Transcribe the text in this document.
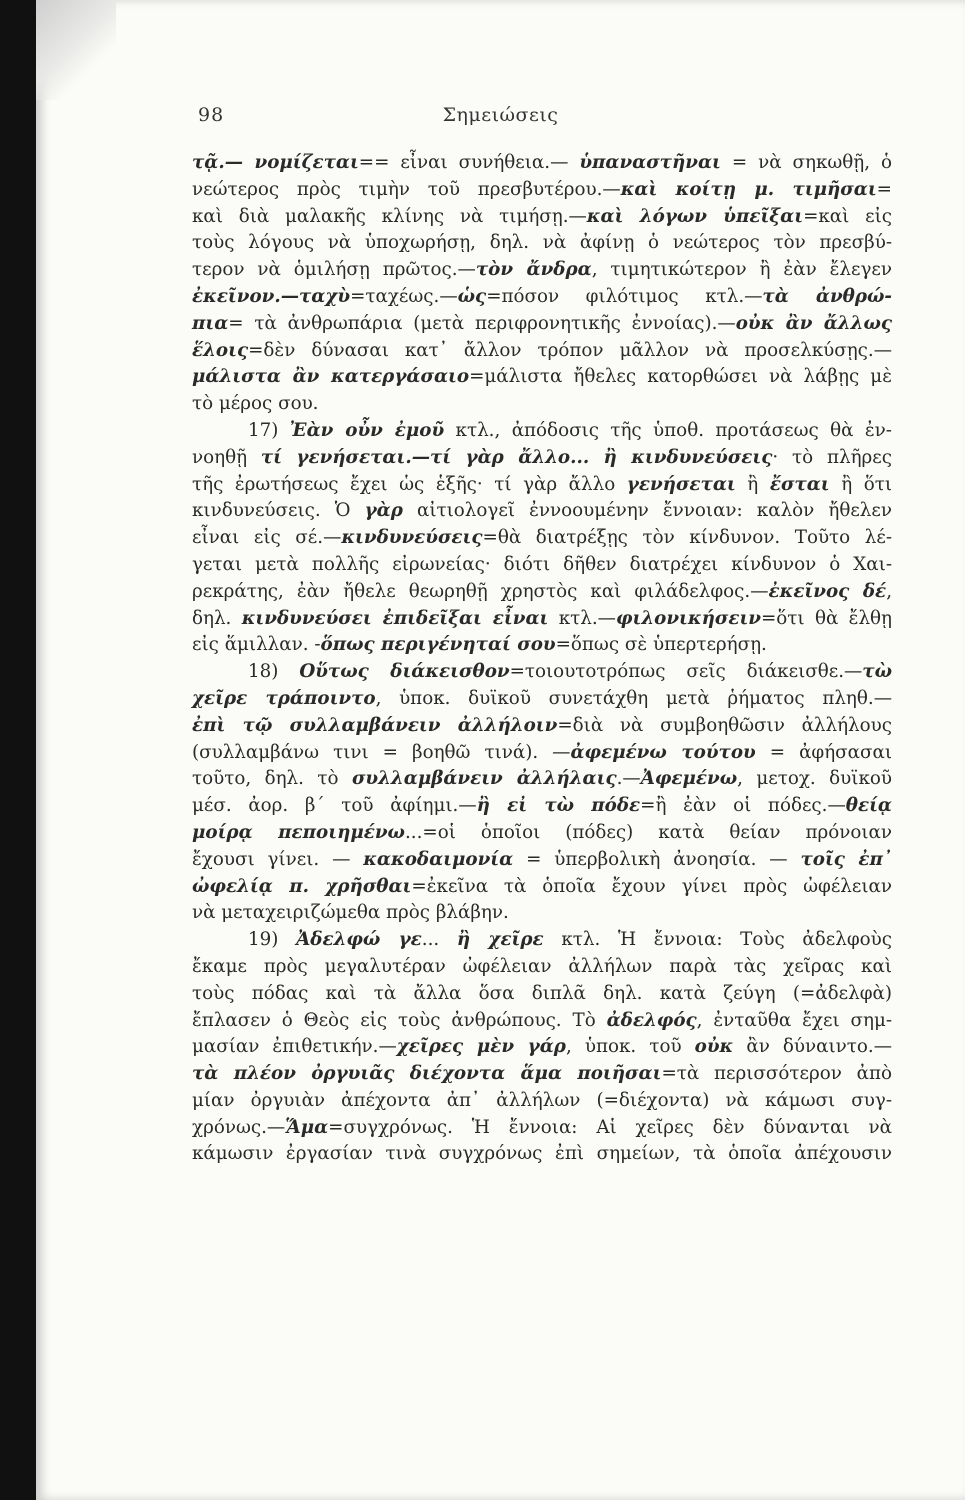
98	Σημειώσεις
τᾷ.— νομίζεται== εἶναι συνήθεια.— ὑπαναστῆναι = νὰ σηκωθῇ, ὁ
νεώτερος πρὸς τιμὴν τοῦ πρεσβυτέρου.—καὶ κοίτῃ μ. τιμῆσαι=
καὶ διὰ μαλακῆς κλίνης νὰ τιμήσῃ.—καὶ λόγων ὑπεῖξαι=καὶ εἰς
τοὺς λόγους νὰ ὑποχωρήσῃ, δηλ. νὰ ἀφίνῃ ὁ νεώτερος τὸν πρεσβύ-
τερον νὰ ὁμιλήσῃ πρῶτος.—τὸν ἄνδρα, τιμητικώτερον ἢ ἐὰν ἔλεγεν
ἐκεῖνον.—ταχὺ=ταχέως.—ὡς=πόσον φιλότιμος κτλ.—τὰ ἀνθρώ-
πια= τὰ ἀνθρωπάρια (μετὰ περιφρονητικῆς ἐννοίας).—οὐκ ἂν ἄλλως
ἕλοις=δὲν δύνασαι κατ᾽ ἄλλον τρόπον μᾶλλον νὰ προσελκύσῃς.—
μάλιστα ἂν κατεργάσαιο=μάλιστα ἤθελες κατορθώσει νὰ λάβῃς μὲ
τὸ μέρος σου.
17) Ἐὰν οὖν ἐμοῦ κτλ., ἀπόδοσις τῆς ὑποθ. προτάσεως θὰ ἐν-
νοηθῇ τί γενήσεται.—τί γὰρ ἄλλο... ἢ κινδυνεύσεις· τὸ πλῆρες
τῆς ἐρωτήσεως ἔχει ὡς ἑξῆς· τί γὰρ ἄλλο γενήσεται ἢ ἔσται ἢ ὅτι
κινδυνεύσεις. Ὁ γὰρ αἰτιολογεῖ ἐννοουμένην ἔννοιαν: καλὸν ἤθελεν
εἶναι εἰς σέ.—κινδυνεύσεις=θὰ διατρέξῃς τὸν κίνδυνον. Τοῦτο λέ-
γεται μετὰ πολλῆς εἰρωνείας· διότι δῆθεν διατρέχει κίνδυνον ὁ Χαι-
ρεκράτης, ἐὰν ἤθελε θεωρηθῇ χρηστὸς καὶ φιλάδελφος.—ἐκεῖνος δέ,
δηλ. κινδυνεύσει ἐπιδεῖξαι εἶναι κτλ.—φιλονικήσειν=ὅτι θὰ ἔλθῃ
εἰς ἅμιλλαν. -ὅπως περιγένηταί σου=ὅπως σὲ ὑπερτερήσῃ.
18) Οὕτως διάκεισθον=τοιουτοτρόπως σεῖς διάκεισθε.—τὼ
χεῖρε τράποιντο, ὑποκ. δυϊκοῦ συνετάχθη μετὰ ῥήματος πληθ.—
ἐπὶ τῷ συλλαμβάνειν ἀλλήλοιν=διὰ νὰ συμβοηθῶσιν ἀλλήλους
(συλλαμβάνω τινι = βοηθῶ τινά). —ἀφεμένω τούτου = ἀφήσασαι
τοῦτο, δηλ. τὸ συλλαμβάνειν ἀλλήλαις.—Ἀφεμένω, μετοχ. δυϊκοῦ
μέσ. ἀορ. β΄ τοῦ ἀφίημι.—ἢ εἰ τὼ πόδε=ἢ ἐὰν οἱ πόδες.—θείᾳ
μοίρᾳ πεποιημένω...=οἱ ὁποῖοι (πόδες) κατὰ θείαν πρόνοιαν
ἔχουσι γίνει. — κακοδαιμονία = ὑπερβολικὴ ἀνοησία. — τοῖς ἐπ᾽
ὠφελίᾳ π. χρῆσθαι=ἐκεῖνα τὰ ὁποῖα ἔχουν γίνει πρὸς ὠφέλειαν
νὰ μεταχειριζώμεθα πρὸς βλάβην.
19) Ἀδελφώ γε... ἢ χεῖρε κτλ. Ἡ ἔννοια: Τοὺς ἀδελφοὺς
ἔκαμε πρὸς μεγαλυτέραν ὠφέλειαν ἀλλήλων παρὰ τὰς χεῖρας καὶ
τοὺς πόδας καὶ τὰ ἄλλα ὅσα διπλᾶ δηλ. κατὰ ζεύγη (=ἀδελφὰ)
ἔπλασεν ὁ Θεὸς εἰς τοὺς ἀνθρώπους. Τὸ ἀδελφός, ἐνταῦθα ἔχει σημ-
μασίαν ἐπιθετικήν.—χεῖρες μὲν γάρ, ὑποκ. τοῦ οὐκ ἂν δύναιντο.—
τὰ πλέον ὀργυιᾶς διέχοντα ἅμα ποιῆσαι=τὰ περισσότερον ἀπὸ
μίαν ὀργυιὰν ἀπέχοντα ἀπ᾽ ἀλλήλων (=διέχοντα) νὰ κάμωσι συγ-
χρόνως.—Ἅμα=συγχρόνως. Ἡ ἔννοια: Αἱ χεῖρες δὲν δύνανται νὰ
κάμωσιν ἐργασίαν τινὰ συγχρόνως ἐπὶ σημείων, τὰ ὁποῖα ἀπέχουσιν
